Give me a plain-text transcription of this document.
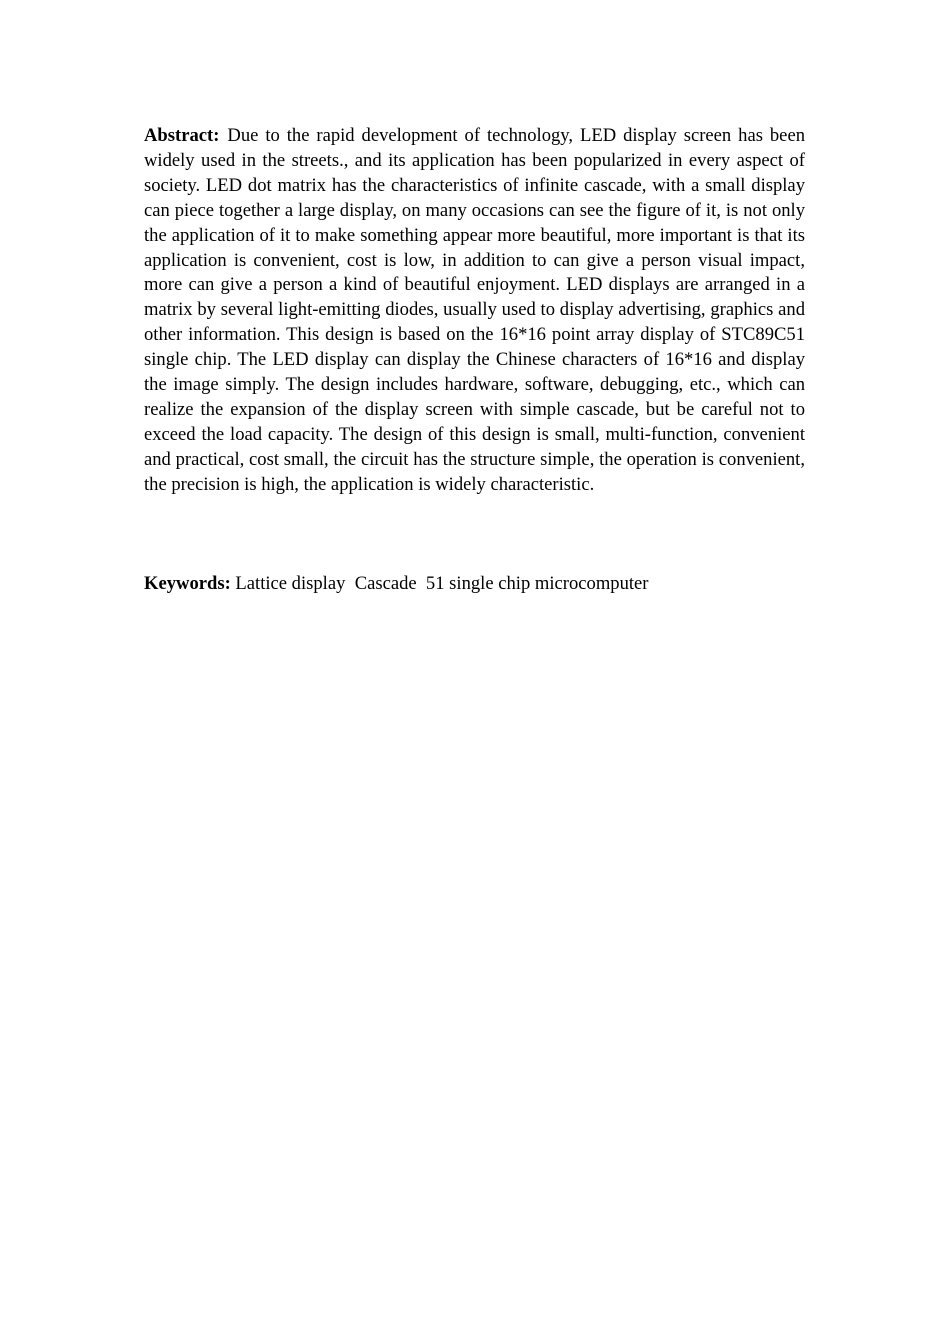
Abstract: Due to the rapid development of technology, LED display screen has been widely used in the streets., and its application has been popularized in every aspect of society. LED dot matrix has the characteristics of infinite cascade, with a small display can piece together a large display, on many occasions can see the figure of it, is not only the application of it to make something appear more beautiful, more important is that its application is convenient, cost is low, in addition to can give a person visual impact, more can give a person a kind of beautiful enjoyment. LED displays are arranged in a matrix by several light-emitting diodes, usually used to display advertising, graphics and other information. This design is based on the 16*16 point array display of STC89C51 single chip. The LED display can display the Chinese characters of 16*16 and display the image simply. The design includes hardware, software, debugging, etc., which can realize the expansion of the display screen with simple cascade, but be careful not to exceed the load capacity. The design of this design is small, multi-function, convenient and practical, cost small, the circuit has the structure simple, the operation is convenient, the precision is high, the application is widely characteristic.

Keywords: Lattice display  Cascade  51 single chip microcomputer
